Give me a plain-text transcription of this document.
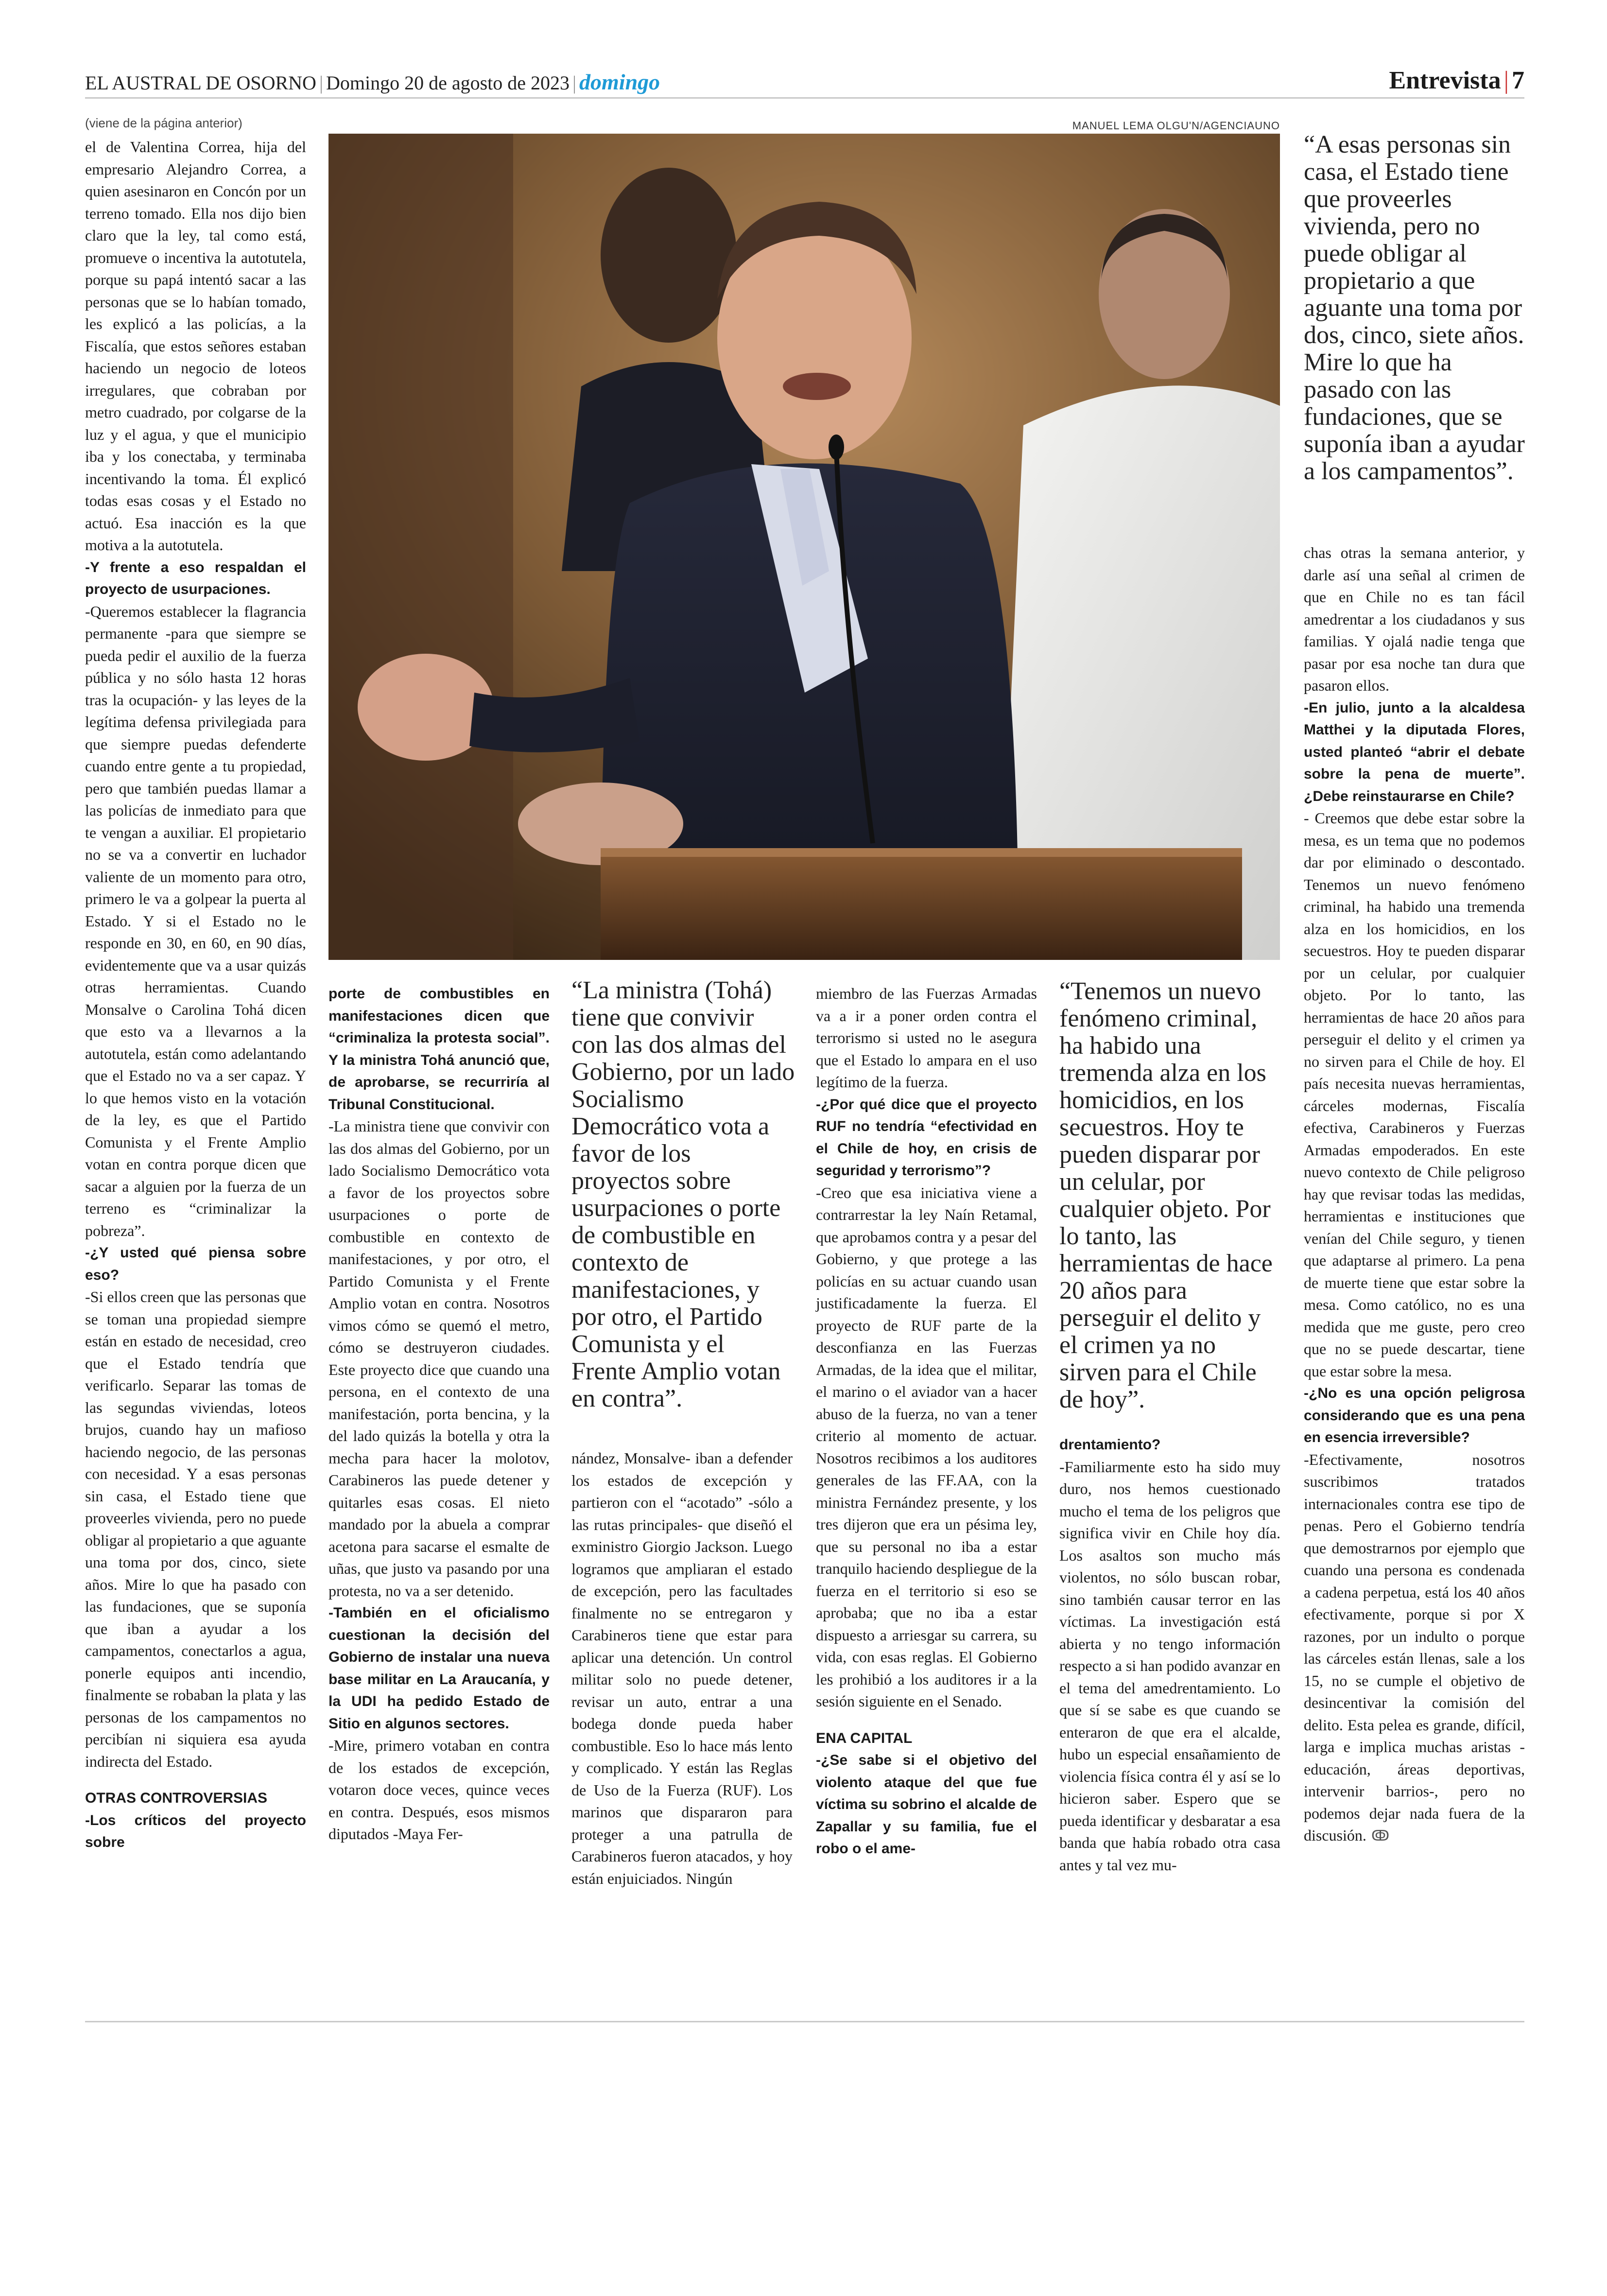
EL AUSTRAL DE OSORNO | Domingo 20 de agosto de 2023 | domingo	Entrevista | 7
(viene de la página anterior)	MANUEL LEMA OLGU'N/AGENCIAUNO

el de Valentina Correa, hija del empresario Alejandro Correa, a quien asesinaron en Concón por un terreno tomado. Ella nos dijo bien claro que la ley, tal como está, promueve o incentiva la autotutela, porque su papá intentó sacar a las personas que se lo habían tomado, les explicó a las policías, a la Fiscalía, que estos señores estaban haciendo un negocio de loteos irregulares, que cobraban por metro cuadrado, por colgarse de la luz y el agua, y que el municipio iba y los conectaba, y terminaba incentivando la toma. Él explicó todas esas cosas y el Estado no actuó. Esa inacción es la que motiva a la autotutela.

-Y frente a eso respaldan el proyecto de usurpaciones.

-Queremos establecer la flagrancia permanente -para que siempre se pueda pedir el auxilio de la fuerza pública y no sólo hasta 12 horas tras la ocupación- y las leyes de la legítima defensa privilegiada para que siempre puedas defenderte cuando entre gente a tu propiedad, pero que también puedas llamar a las policías de inmediato para que te vengan a auxiliar. El propietario no se va a convertir en luchador valiente de un momento para otro, primero le va a golpear la puerta al Estado. Y si el Estado no le responde en 30, en 60, en 90 días, evidentemente que va a usar quizás otras herramientas. Cuando Monsalve o Carolina Tohá dicen que esto va a llevarnos a la autotutela, están como adelantando que el Estado no va a ser capaz. Y lo que hemos visto en la votación de la ley, es que el Partido Comunista y el Frente Amplio votan en contra porque dicen que sacar a alguien por la fuerza de un terreno es “criminalizar la pobreza”.

-¿Y usted qué piensa sobre eso?

-Si ellos creen que las personas que se toman una propiedad siempre están en estado de necesidad, creo que el Estado tendría que verificarlo. Separar las tomas de las segundas viviendas, loteos brujos, cuando hay un mafioso haciendo negocio, de las personas con necesidad. Y a esas personas sin casa, el Estado tiene que proveerles vivienda, pero no puede obligar al propietario a que aguante una toma por dos, cinco, siete años. Mire lo que ha pasado con las fundaciones, que se suponía que iban a ayudar a los campamentos, conectarlos a agua, ponerle equipos anti incendio, finalmente se robaban la plata y las personas de los campamentos no percibían ni siquiera esa ayuda indirecta del Estado.

OTRAS CONTROVERSIAS

-Los críticos del proyecto sobre

porte de combustibles en manifestaciones dicen que “criminaliza la protesta social”. Y la ministra Tohá anunció que, de aprobarse, se recurriría al Tribunal Constitucional.

-La ministra tiene que convivir con las dos almas del Gobierno, por un lado Socialismo Democrático vota a favor de los proyectos sobre usurpaciones o porte de combustible en contexto de manifestaciones, y por otro, el Partido Comunista y el Frente Amplio votan en contra. Nosotros vimos cómo se quemó el metro, cómo se destruyeron ciudades. Este proyecto dice que cuando una persona, en el contexto de una manifestación, porta bencina, y la del lado quizás la botella y otra la mecha para hacer la molotov, Carabineros las puede detener y quitarles esas cosas. El nieto mandado por la abuela a comprar acetona para sacarse el esmalte de uñas, que justo va pasando por una protesta, no va a ser detenido.

-También en el oficialismo cuestionan la decisión del Gobierno de instalar una nueva base militar en La Araucanía, y la UDI ha pedido Estado de Sitio en algunos sectores.

-Mire, primero votaban en contra de los estados de excepción, votaron doce veces, quince veces en contra. Después, esos mismos diputados -Maya Fer-

“La ministra (Tohá) tiene que convivir con las dos almas del Gobierno, por un lado Socialismo Democrático vota a favor de los proyectos sobre usurpaciones o porte de combustible en contexto de manifestaciones, y por otro, el Partido Comunista y el Frente Amplio votan en contra”.

nández, Monsalve- iban a defender los estados de excepción y partieron con el “acotado” -sólo a las rutas principales- que diseñó el exministro Giorgio Jackson. Luego logramos que ampliaran el estado de excepción, pero las facultades finalmente no se entregaron y Carabineros tiene que estar para aplicar una detención. Un control militar solo no puede detener, revisar un auto, entrar a una bodega donde pueda haber combustible. Eso lo hace más lento y complicado. Y están las Reglas de Uso de la Fuerza (RUF). Los marinos que dispararon para proteger a una patrulla de Carabineros fueron atacados, y hoy están enjuiciados. Ningún

miembro de las Fuerzas Armadas va a ir a poner orden contra el terrorismo si usted no le asegura que el Estado lo ampara en el uso legítimo de la fuerza.

-¿Por qué dice que el proyecto RUF no tendría “efectividad en el Chile de hoy, en crisis de seguridad y terrorismo”?

-Creo que esa iniciativa viene a contrarrestar la ley Naín Retamal, que aprobamos contra y a pesar del Gobierno, y que protege a las policías en su actuar cuando usan justificadamente la fuerza. El proyecto de RUF parte de la desconfianza en las Fuerzas Armadas, de la idea que el militar, el marino o el aviador van a hacer abuso de la fuerza, no van a tener criterio al momento de actuar. Nosotros recibimos a los auditores generales de las FF.AA, con la ministra Fernández presente, y los tres dijeron que era un pésima ley, que su personal no iba a estar tranquilo haciendo despliegue de la fuerza en el territorio si eso se aprobaba; que no iba a estar dispuesto a arriesgar su carrera, su vida, con esas reglas. El Gobierno les prohibió a los auditores ir a la sesión siguiente en el Senado.

ENA CAPITAL

-¿Se sabe si el objetivo del violento ataque del que fue víctima su sobrino el alcalde de Zapallar y su familia, fue el robo o el ame-

“Tenemos un nuevo fenómeno criminal, ha habido una tremenda alza en los homicidios, en los secuestros. Hoy te pueden disparar por un celular, por cualquier objeto. Por lo tanto, las herramientas de hace 20 años para perseguir el delito y el crimen ya no sirven para el Chile de hoy”.

drentamiento?

-Familiarmente esto ha sido muy duro, nos hemos cuestionado mucho el tema de los peligros que significa vivir en Chile hoy día. Los asaltos son mucho más violentos, no sólo buscan robar, sino también causar terror en las víctimas. La investigación está abierta y no tengo información respecto a si han podido avanzar en el tema del amedrentamiento. Lo que sí se sabe es que cuando se enteraron de que era el alcalde, hubo un especial ensañamiento de violencia física contra él y así se lo hicieron saber. Espero que se pueda identificar y desbaratar a esa banda que había robado otra casa antes y tal vez mu-

“A esas personas sin casa, el Estado tiene que proveerles vivienda, pero no puede obligar al propietario a que aguante una toma por dos, cinco, siete años. Mire lo que ha pasado con las fundaciones, que se suponía iban a ayudar a los campamentos”.

chas otras la semana anterior, y darle así una señal al crimen de que en Chile no es tan fácil amedrentar a los ciudadanos y sus familias. Y ojalá nadie tenga que pasar por esa noche tan dura que pasaron ellos.

-En julio, junto a la alcaldesa Matthei y la diputada Flores, usted planteó “abrir el debate sobre la pena de muerte”. ¿Debe reinstaurarse en Chile?

- Creemos que debe estar sobre la mesa, es un tema que no podemos dar por eliminado o descontado. Tenemos un nuevo fenómeno criminal, ha habido una tremenda alza en los homicidios, en los secuestros. Hoy te pueden disparar por un celular, por cualquier objeto. Por lo tanto, las herramientas de hace 20 años para perseguir el delito y el crimen ya no sirven para el Chile de hoy. El país necesita nuevas herramientas, cárceles modernas, Fiscalía efectiva, Carabineros y Fuerzas Armadas empoderados. En este nuevo contexto de Chile peligroso hay que revisar todas las medidas, herramientas e instituciones que venían del Chile seguro, y tienen que adaptarse al primero. La pena de muerte tiene que estar sobre la mesa. Como católico, no es una medida que me guste, pero creo que no se puede descartar, tiene que estar sobre la mesa.

-¿No es una opción peligrosa considerando que es una pena en esencia irreversible?

-Efectivamente, nosotros suscribimos tratados internacionales contra ese tipo de penas. Pero el Gobierno tendría que demostrarnos por ejemplo que cuando una persona es condenada a cadena perpetua, está los 40 años efectivamente, porque si por X razones, por un indulto o porque las cárceles están llenas, sale a los 15, no se cumple el objetivo de desincentivar la comisión del delito. Esta pelea es grande, difícil, larga e implica muchas aristas -educación, áreas deportivas, intervenir barrios-, pero no podemos dejar nada fuera de la discusión. ↂ
